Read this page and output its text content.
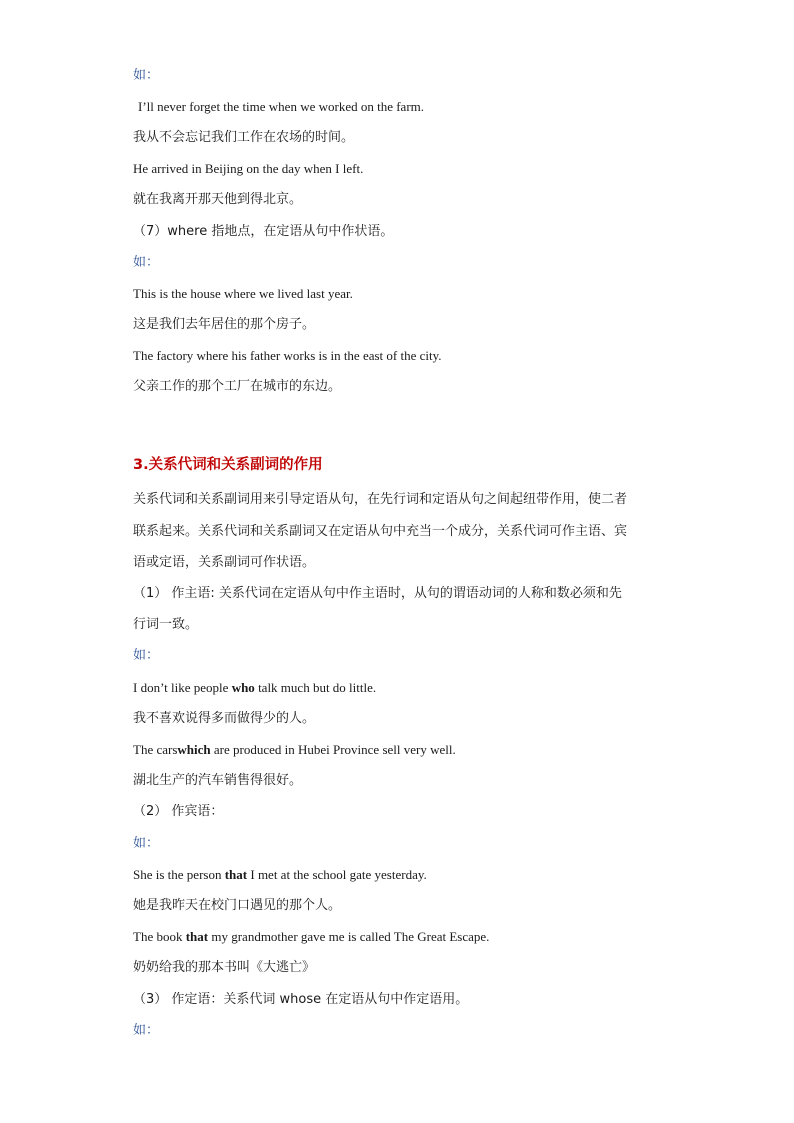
如：
I’ll never forget the time when we worked on the farm.
我从不会忘记我们工作在农场的时间。
He arrived in Beijing on the day when I left.
就在我离开那天他到得北京。
（7）where 指地点，在定语从句中作状语。
如：
This is the house where we lived last year.
这是我们去年居住的那个房子。
The factory where his father works is in the east of the city.
父亲工作的那个工厂在城市的东边。
3.关系代词和关系副词的作用
关系代词和关系副词用来引导定语从句，在先行词和定语从句之间起纽带作用，使二者
联系起来。关系代词和关系副词又在定语从句中充当一个成分，关系代词可作主语、宾
语或定语，关系副词可作状语。
（1） 作主语: 关系代词在定语从句中作主语时，从句的谓语动词的人称和数必须和先
行词一致。
如：
I don’t like people who talk much but do little.
我不喜欢说得多而做得少的人。
The carswhich are produced in Hubei Province sell very well.
湖北生产的汽车销售得很好。
（2） 作宾语：
如：
She is the person that I met at the school gate yesterday.
她是我昨天在校门口遇见的那个人。
The book that my grandmother gave me is called The Great Escape.
奶奶给我的那本书叫《大逃亡》
（3） 作定语：关系代词 whose 在定语从句中作定语用。
如：
